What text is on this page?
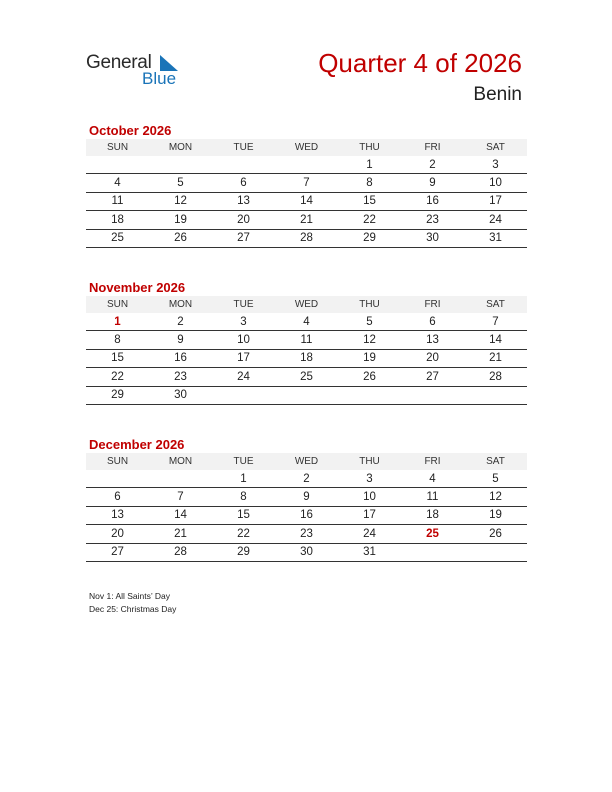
General
Blue
Quarter 4 of 2026
Benin
October 2026
SUN	MON	TUE	WED	THU	FRI	SAT
				1	2	3
4	5	6	7	8	9	10
11	12	13	14	15	16	17
18	19	20	21	22	23	24
25	26	27	28	29	30	31
November 2026
SUN	MON	TUE	WED	THU	FRI	SAT
1	2	3	4	5	6	7
8	9	10	11	12	13	14
15	16	17	18	19	20	21
22	23	24	25	26	27	28
29	30					
December 2026
SUN	MON	TUE	WED	THU	FRI	SAT
		1	2	3	4	5
6	7	8	9	10	11	12
13	14	15	16	17	18	19
20	21	22	23	24	25	26
27	28	29	30	31		
Nov 1: All Saints’ Day
Dec 25: Christmas Day
